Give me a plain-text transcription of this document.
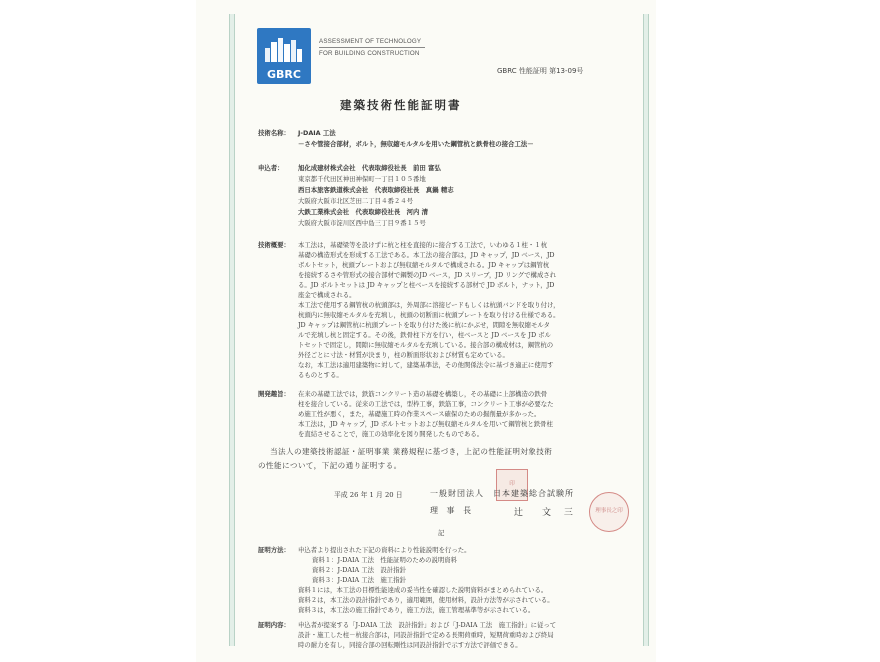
GBRC
ASSESSMENT OF TECHNOLOGY
FOR BUILDING CONSTRUCTION
GBRC 性能証明 第13-09号
建築技術性能証明書
技術名称： J-DAIA 工法
－さや管接合部材，ボルト，無収縮モルタルを用いた鋼管杭と鉄骨柱の接合工法－
申込者： 旭化成建材株式会社　代表取締役社長　前田 富弘
東京都千代田区神田神保町一丁目１０５番地
西日本旅客鉄道株式会社　代表取締役社長　真鍋 精志
大阪府大阪市北区芝田二丁目４番２４号
大鉄工業株式会社　代表取締役社長　河内 清
大阪府大阪市淀川区西中島三丁目９番１５号
技術概要： 本工法は，基礎梁等を設けずに杭と柱を直接的に接合する工法で，いわゆる１柱・１杭
基礎の構造形式を形成する工法である。本工法の接合部は，JD キャップ，JD ベース，JD
ボルトセット，杭頭プレートおよび無収縮モルタルで構成される。JD キャップは鋼管杭
を接続するさや管形式の接合部材で鋼製のJD ベース，JD スリーブ，JD リングで構成され
る。JD ボルトセットは JD キャップと柱ベースを接続する部材で JD ボルト，ナット，JD
座金で構成される。
本工法で使用する鋼管杭の杭頭部は，外周部に溶接ビードもしくは杭頭バンドを取り付け，
杭頭内に無収縮モルタルを充填し，杭頭の切断面に杭頭プレートを取り付ける仕様である。
JD キャップは鋼管杭に杭頭プレートを取り付けた後に杭にかぶせ，間隙を無収縮モルタ
ルで充填し杭と固定する。その後，鉄骨柱下方を行い，柱ベースと JD ベースを JD ボル
トセットで固定し，間隙に無収縮モルタルを充填している。接合部の構成材は，鋼管杭の
外径ごとに寸法・材質が決まり，柱の断面形状および材質も定めている。
なお，本工法は適用建築物に対して，建築基準法，その他関係法令に基づき適正に使用す
るものとする。
開発趣旨： 在来の基礎工法では，鉄筋コンクリート造の基礎を構築し，その基礎に上部構造の鉄骨
柱を接合している。従来の工法では，型枠工事，鉄筋工事，コンクリート工事が必要なた
め施工性が悪く，また，基礎施工時の作業スペース確保のための掘削量が多かった。
本工法は，JD キャップ，JD ボルトセットおよび無収縮モルタルを用いて鋼管杭と鉄骨柱
を直結させることで，施工の効率化を図り開発したものである。
当法人の建築技術認証・証明事業 業務規程に基づき，上記の性能証明対象技術
の性能について，下記の通り証明する。
印
理事長之印
平成 26 年 1 月 20 日	一般財団法人　日本建築総合試験所
理 事 長	辻　文 三
記
証明方法： 申込者より提出された下記の資料により性能説明を行った。
資料１：J-DAIA 工法　性能証明のための説明資料
資料２：J-DAIA 工法　設計指針
資料３：J-DAIA 工法　施工指針
資料１には，本工法の目標性能達成の妥当性を確認した説明資料がまとめられている。
資料２は，本工法の設計指針であり，適用範囲，使用材料，設計方法等が示されている。
資料３は，本工法の施工指針であり，施工方法，施工管理基準等が示されている。
証明内容： 申込者が提案する「J-DAIA 工法　設計指針」および「J-DAIA 工法　施工指針」に従って
設計・施工した柱－杭接合部は，同設計指針で定める長期荷重時，短期荷重時および終局
時の耐力を有し，同接合部の回転剛性は同設計指針で示す方法で評価できる。
